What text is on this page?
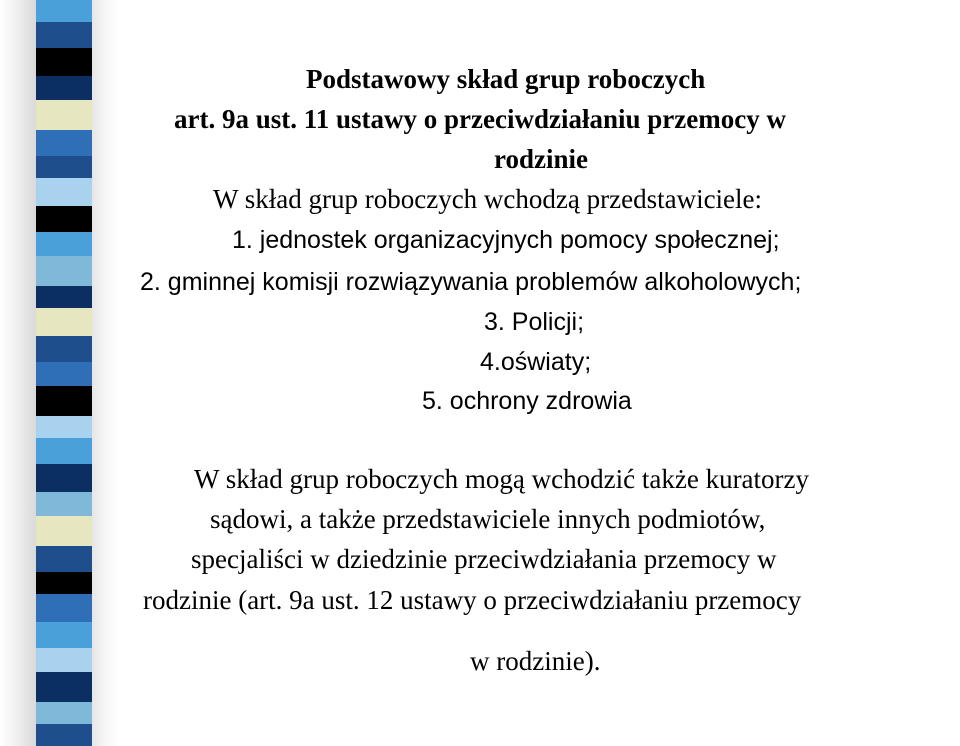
Podstawowy skład grup roboczych
art. 9a ust. 11 ustawy o przeciwdziałaniu przemocy w
rodzinie
W skład grup roboczych wchodzą przedstawiciele:
1. jednostek organizacyjnych pomocy społecznej;
2. gminnej komisji rozwiązywania problemów alkoholowych;
3. Policji;
4.oświaty;
5. ochrony zdrowia
W skład grup roboczych mogą wchodzić także kuratorzy
sądowi, a także przedstawiciele innych podmiotów,
specjaliści w dziedzinie przeciwdziałania przemocy w
rodzinie (art. 9a ust. 12 ustawy o przeciwdziałaniu przemocy
w rodzinie).
